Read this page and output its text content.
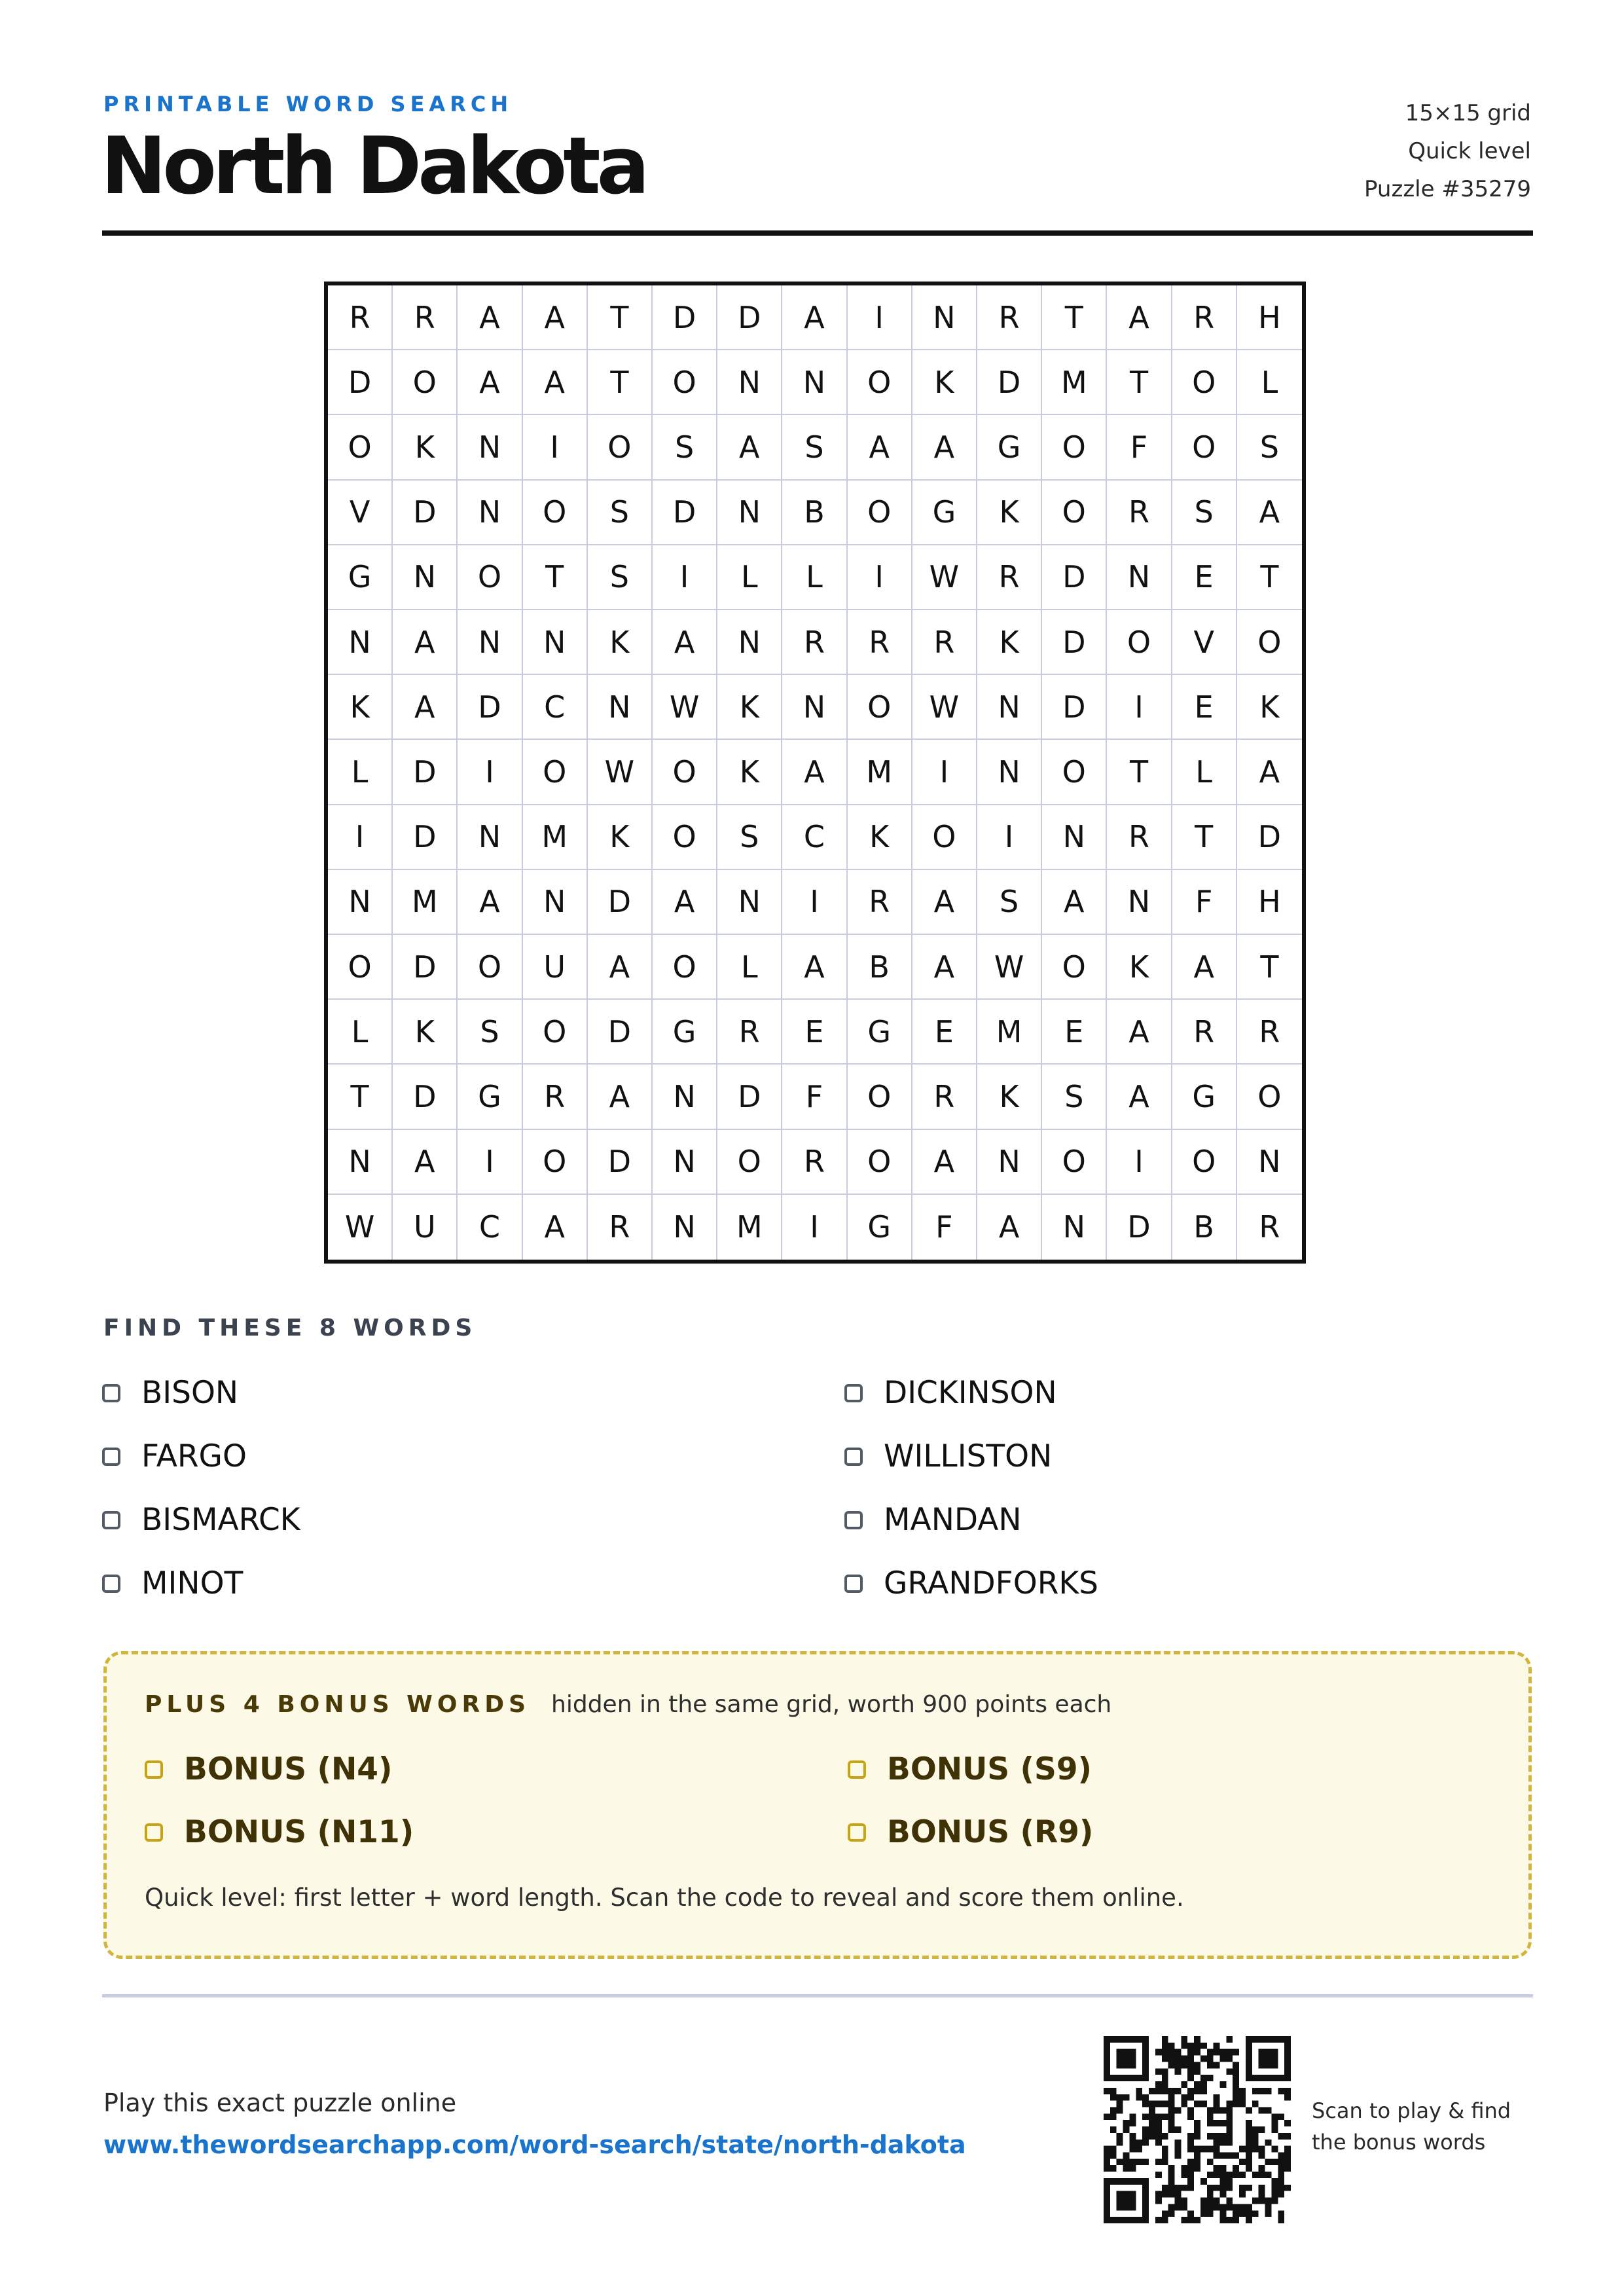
PRINTABLE WORD SEARCH
North Dakota
15×15 grid
Quick level
Puzzle #35279
R	R	A	A	T	D	D	A	I	N	R	T	A	R	H
D	O	A	A	T	O	N	N	O	K	D	M	T	O	L
O	K	N	I	O	S	A	S	A	A	G	O	F	O	S
V	D	N	O	S	D	N	B	O	G	K	O	R	S	A
G	N	O	T	S	I	L	L	I	W	R	D	N	E	T
N	A	N	N	K	A	N	R	R	R	K	D	O	V	O
K	A	D	C	N	W	K	N	O	W	N	D	I	E	K
L	D	I	O	W	O	K	A	M	I	N	O	T	L	A
I	D	N	M	K	O	S	C	K	O	I	N	R	T	D
N	M	A	N	D	A	N	I	R	A	S	A	N	F	H
O	D	O	U	A	O	L	A	B	A	W	O	K	A	T
L	K	S	O	D	G	R	E	G	E	M	E	A	R	R
T	D	G	R	A	N	D	F	O	R	K	S	A	G	O
N	A	I	O	D	N	O	R	O	A	N	O	I	O	N
W	U	C	A	R	N	M	I	G	F	A	N	D	B	R
FIND THESE 8 WORDS
BISON	DICKINSON
FARGO	WILLISTON
BISMARCK	MANDAN
MINOT	GRANDFORKS
PLUS 4 BONUS WORDS hidden in the same grid, worth 900 points each
BONUS (N4)	BONUS (S9)
BONUS (N11)	BONUS (R9)
Quick level: first letter + word length. Scan the code to reveal and score them online.
Play this exact puzzle online
www.thewordsearchapp.com/word-search/state/north-dakota
Scan to play & find
the bonus words
